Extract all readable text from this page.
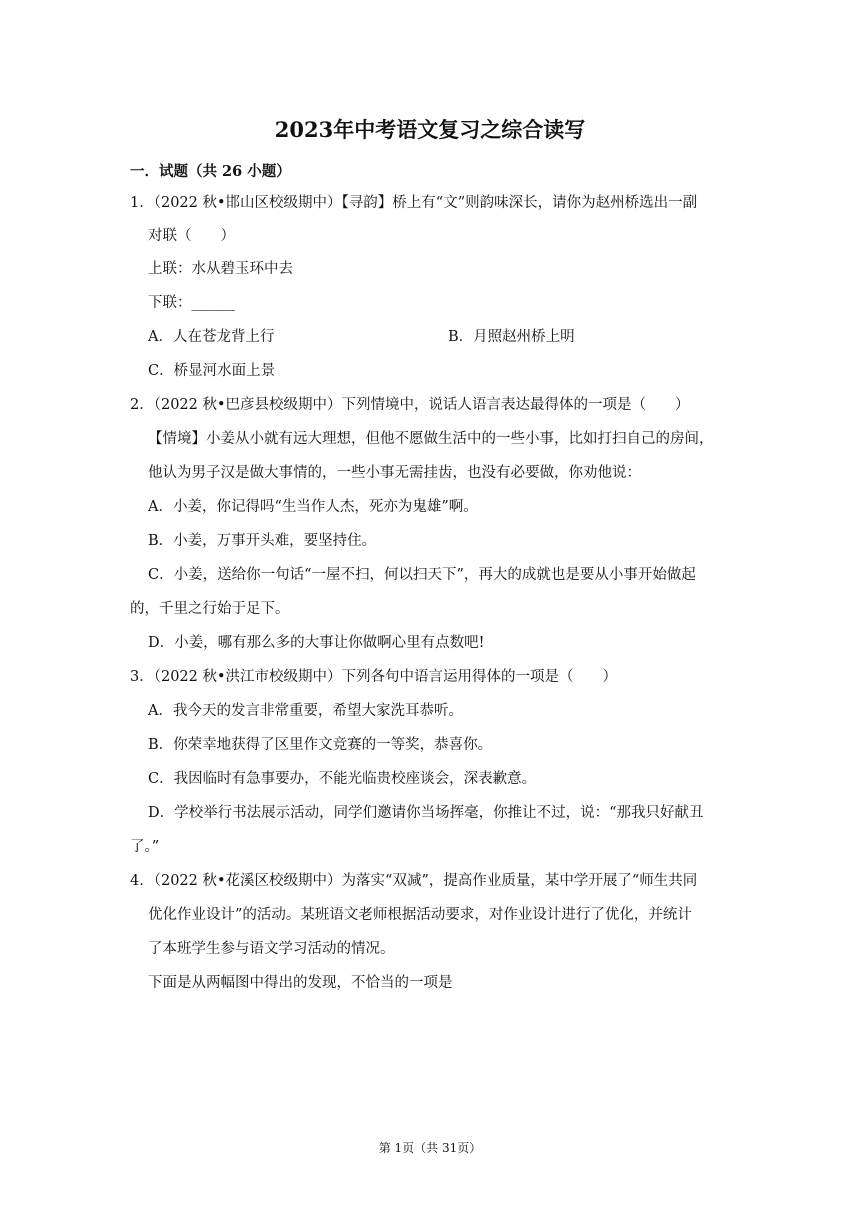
2023年中考语文复习之综合读写
一．试题（共 26 小题）
1．（2022 秋•邯山区校级期中）【寻韵】桥上有“文”则韵味深长，请你为赵州桥选出一副
对联（　　）
上联：水从碧玉环中去
下联：______
A．人在苍龙背上行	B．月照赵州桥上明
C．桥显河水面上景
2．（2022 秋•巴彦县校级期中）下列情境中，说话人语言表达最得体的一项是（　　）
【情境】小姜从小就有远大理想，但他不愿做生活中的一些小事，比如打扫自己的房间，
他认为男子汉是做大事情的，一些小事无需挂齿，也没有必要做，你劝他说：
A．小姜，你记得吗“生当作人杰，死亦为鬼雄”啊。
B．小姜，万事开头难，要坚持住。
C．小姜，送给你一句话“一屋不扫，何以扫天下”，再大的成就也是要从小事开始做起
的，千里之行始于足下。
D．小姜，哪有那么多的大事让你做啊心里有点数吧!
3．（2022 秋•洪江市校级期中）下列各句中语言运用得体的一项是（　　）
A．我今天的发言非常重要，希望大家洗耳恭听。
B．你荣幸地获得了区里作文竞赛的一等奖，恭喜你。
C．我因临时有急事要办，不能光临贵校座谈会，深表歉意。
D．学校举行书法展示活动，同学们邀请你当场挥毫，你推让不过，说：“那我只好献丑
了。”
4．（2022 秋•花溪区校级期中）为落实“双减”，提高作业质量，某中学开展了“师生共同
优化作业设计”的活动。某班语文老师根据活动要求，对作业设计进行了优化，并统计
了本班学生参与语文学习活动的情况。
下面是从两幅图中得出的发现，不恰当的一项是
第 1页（共 31页）
